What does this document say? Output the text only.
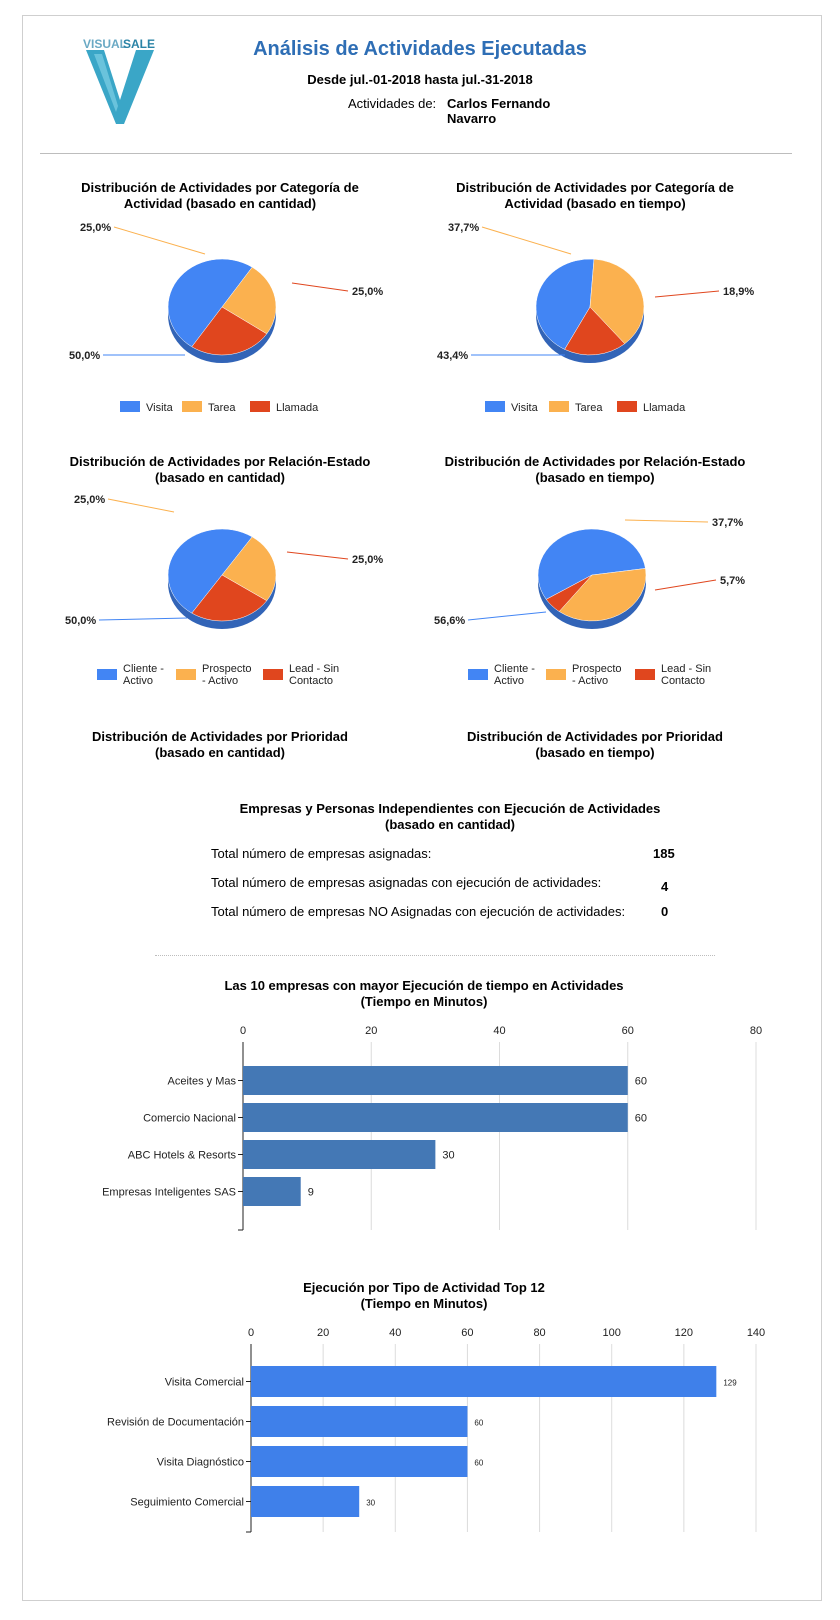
VISUAL
SALE	Análisis de Actividades Ejecutadas
Desde jul.-01-2018 hasta jul.-31-2018
Actividades de: Carlos Fernando
Navarro
Distribución de Actividades por Categoría de
Actividad (basado en cantidad)
Distribución de Actividades por Categoría de
Actividad (basado en tiempo)
Distribución de Actividades por Relación-Estado
(basado en cantidad)
Distribución de Actividades por Relación-Estado
(basado en tiempo)
50,0%
25,0%
25,0%
Visita	Tarea	Llamada
43,4%
37,7%
18,9%
Visita	Tarea	Llamada
50,0%
25,0%
25,0%
Cliente -
Activo
Prospecto
- Activo
Lead - Sin
Contacto
56,6%
37,7%
5,7%
Cliente -
Activo
Prospecto
- Activo
Lead - Sin
Contacto
Distribución de Actividades por Prioridad
(basado en cantidad)
Distribución de Actividades por Prioridad
(basado en tiempo)
Empresas y Personas Independientes con Ejecución de Actividades
(basado en cantidad)
Total número de empresas asignadas:	185
Total número de empresas asignadas con ejecución de actividades:	4
Total número de empresas NO Asignadas con ejecución de actividades:	0
Las 10 empresas con mayor Ejecución de tiempo en Actividades
(Tiempo en Minutos)
0	20	40	60	80
Aceites y Mas	60
Comercio Nacional	60
ABC Hotels & Resorts	30
Empresas Inteligentes SAS	9
Ejecución por Tipo de Actividad Top 12
(Tiempo en Minutos)
0	20	40	60	80	100	120	140
Visita Comercial	129
Revisión de Documentación	60
Visita Diagnóstico	60
Seguimiento Comercial	30
